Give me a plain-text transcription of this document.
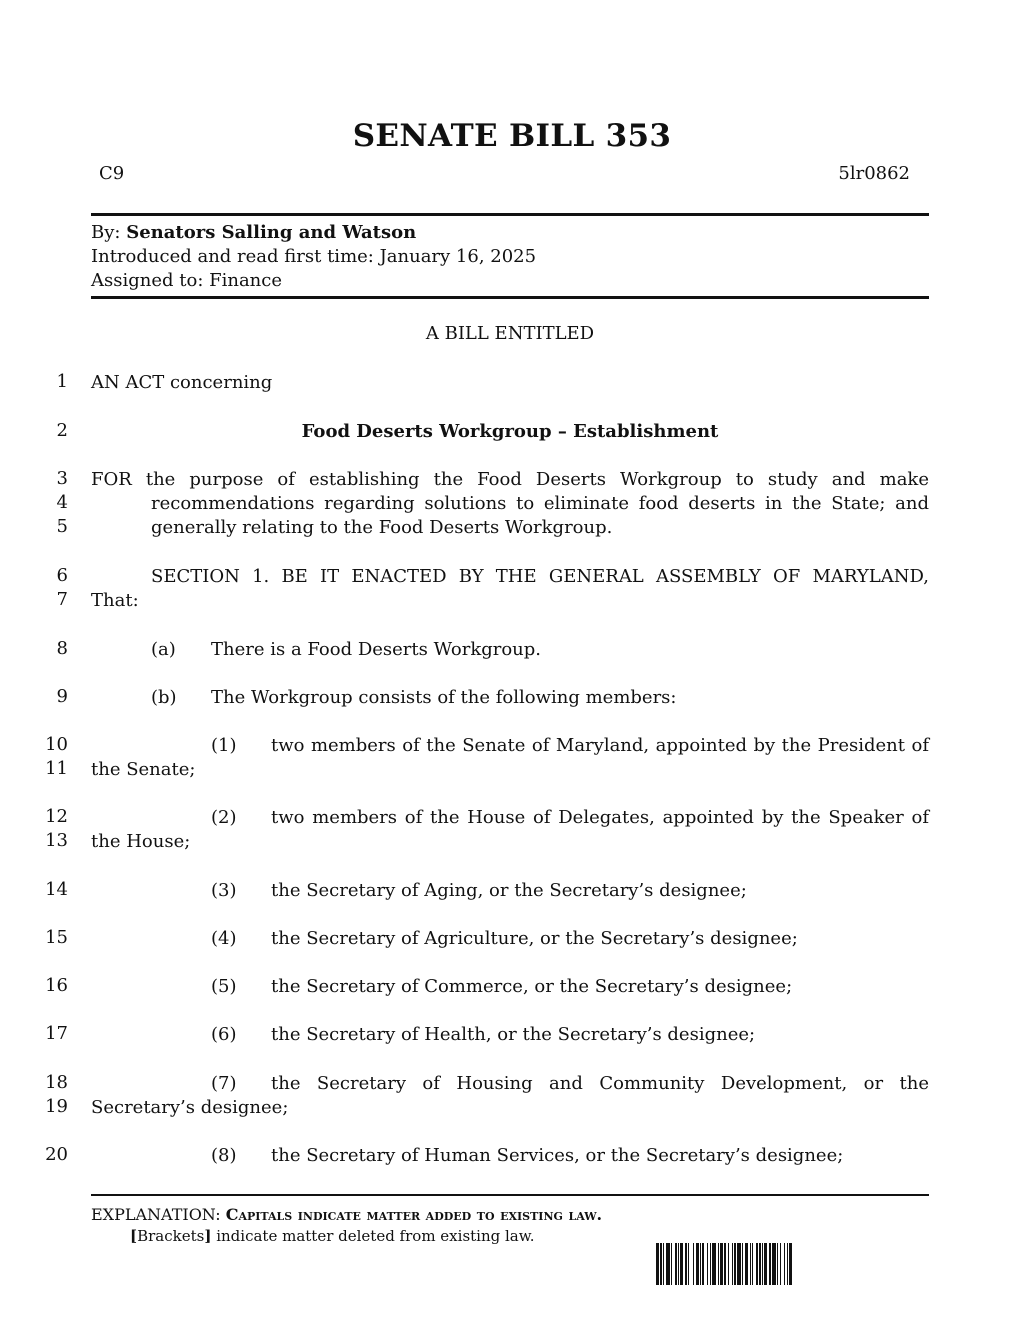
SENATE BILL 353
C9	5lr0862
By: Senators Salling and Watson
Introduced and read first time: January 16, 2025
Assigned to: Finance
A BILL ENTITLED
1 AN ACT concerning
2	Food Deserts Workgroup – Establishment
3
4
5
FOR the purpose of establishing the Food Deserts Workgroup to study and make
recommendations regarding solutions to eliminate food deserts in the State; and
generally relating to the Food Deserts Workgroup.
6
7
SECTION 1. BE IT ENACTED BY THE GENERAL ASSEMBLY OF MARYLAND,
That:
8	(a) There is a Food Deserts Workgroup.
9	(b) The Workgroup consists of the following members:
10
11
(1) two members of the Senate of Maryland, appointed by the President of
the Senate;
12
13
(2) two members of the House of Delegates, appointed by the Speaker of
the House;
14	(3) the Secretary of Aging, or the Secretary’s designee;
15	(4) the Secretary of Agriculture, or the Secretary’s designee;
16	(5) the Secretary of Commerce, or the Secretary’s designee;
17	(6) the Secretary of Health, or the Secretary’s designee;
18
19
(7) the Secretary of Housing and Community Development, or the
Secretary’s designee;
20	(8) the Secretary of Human Services, or the Secretary’s designee;
EXPLANATION: Capitals indicate matter added to existing law.
[Brackets] indicate matter deleted from existing law.
